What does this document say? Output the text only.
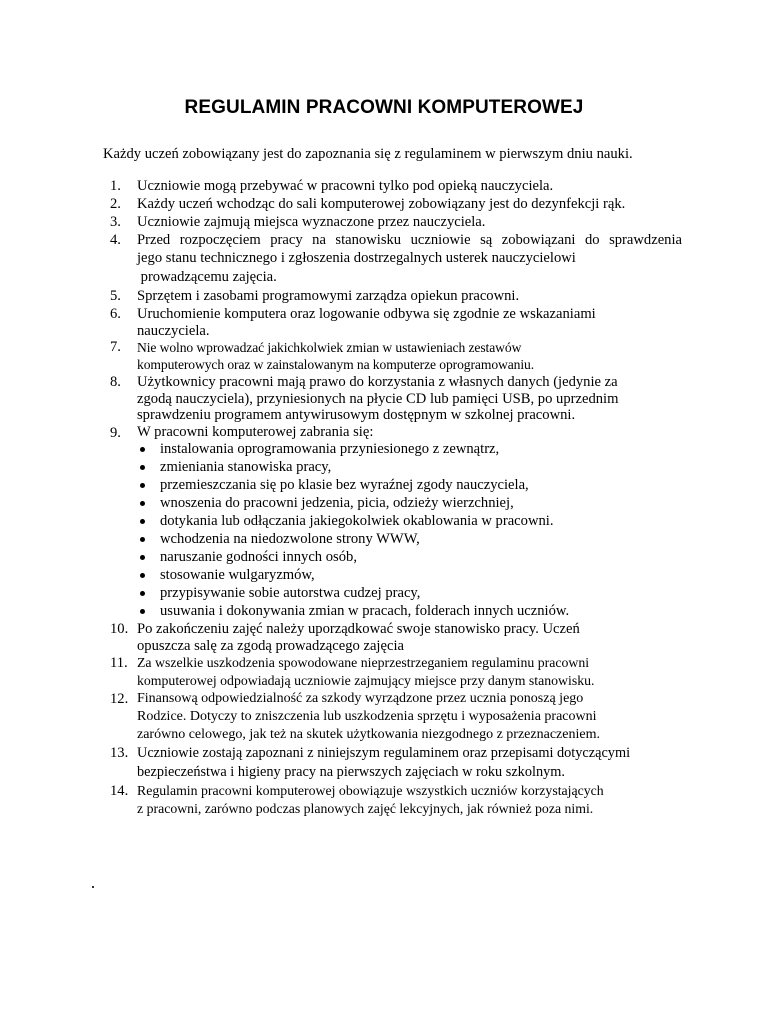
REGULAMIN PRACOWNI KOMPUTEROWEJ
Każdy uczeń zobowiązany jest do zapoznania się z regulaminem w pierwszym dniu nauki.
1.	Uczniowie mogą przebywać w pracowni tylko pod opieką nauczyciela.
2.	Każdy uczeń wchodząc do sali komputerowej zobowiązany jest do dezynfekcji rąk.
3.	Uczniowie zajmują miejsca wyznaczone przez nauczyciela.
4.	Przed rozpoczęciem pracy na stanowisku uczniowie są zobowiązani do sprawdzenia
jego stanu technicznego i zgłoszenia dostrzegalnych usterek nauczycielowi
prowadzącemu zajęcia.
5.	Sprzętem i zasobami programowymi zarządza opiekun pracowni.
6.	Uruchomienie komputera oraz logowanie odbywa się zgodnie ze wskazaniami
nauczyciela.
7.	Nie wolno wprowadzać jakichkolwiek zmian w ustawieniach zestawów
komputerowych oraz w zainstalowanym na komputerze oprogramowaniu.
8.	Użytkownicy pracowni mają prawo do korzystania z własnych danych (jedynie za
zgodą nauczyciela), przyniesionych na płycie CD lub pamięci USB, po uprzednim
sprawdzeniu programem antywirusowym dostępnym w szkolnej pracowni.
9.	W pracowni komputerowej zabrania się:
instalowania oprogramowania przyniesionego z zewnątrz,
zmieniania stanowiska pracy,
przemieszczania się po klasie bez wyraźnej zgody nauczyciela,
wnoszenia do pracowni jedzenia, picia, odzieży wierzchniej,
dotykania lub odłączania jakiegokolwiek okablowania w pracowni.
wchodzenia na niedozwolone strony WWW,
naruszanie godności innych osób,
stosowanie wulgaryzmów,
przypisywanie sobie autorstwa cudzej pracy,
usuwania i dokonywania zmian w pracach, folderach innych uczniów.
10. Po zakończeniu zajęć należy uporządkować swoje stanowisko pracy. Uczeń
opuszcza salę za zgodą prowadzącego zajęcia
11. Za wszelkie uszkodzenia spowodowane nieprzestrzeganiem regulaminu pracowni
komputerowej odpowiadają uczniowie zajmujący miejsce przy danym stanowisku.
12. Finansową odpowiedzialność za szkody wyrządzone przez ucznia ponoszą jego
Rodzice. Dotyczy to zniszczenia lub uszkodzenia sprzętu i wyposażenia pracowni
zarówno celowego, jak też na skutek użytkowania niezgodnego z przeznaczeniem.
13. Uczniowie zostają zapoznani z niniejszym regulaminem oraz przepisami dotyczącymi
bezpieczeństwa i higieny pracy na pierwszych zajęciach w roku szkolnym.
14. Regulamin pracowni komputerowej obowiązuje wszystkich uczniów korzystających
z pracowni, zarówno podczas planowych zajęć lekcyjnych, jak również poza nimi.
